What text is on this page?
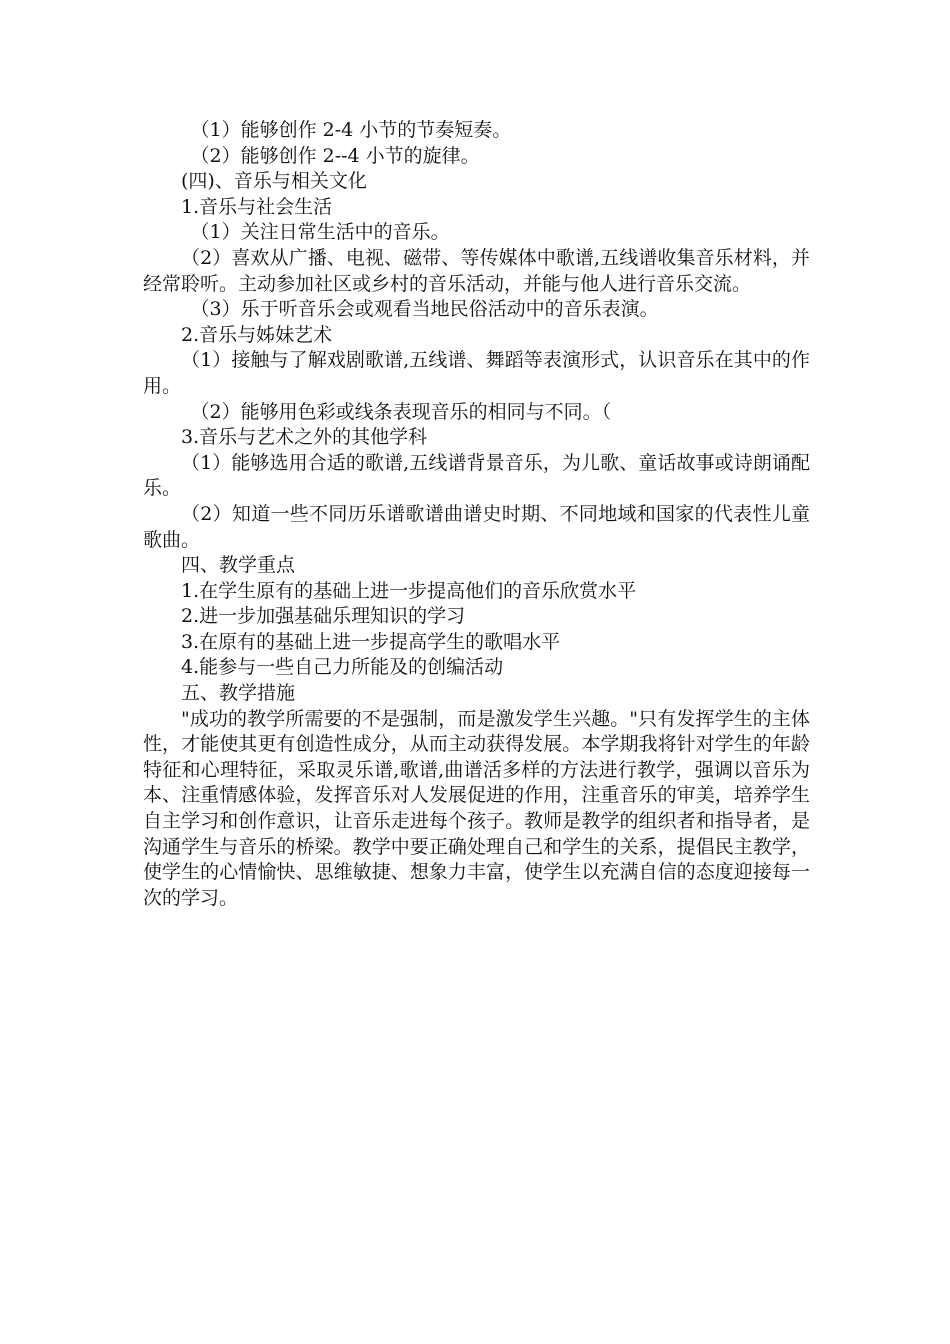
（1）能够创作 2-4 小节的节奏短奏。

（2）能够创作 2--4 小节的旋律。

(四)、音乐与相关文化

1.音乐与社会生活

（1）关注日常生活中的音乐。

（2）喜欢从广播、电视、磁带、等传媒体中歌谱,五线谱收集音乐材料，并经常聆听。主动参加社区或乡村的音乐活动，并能与他人进行音乐交流。

（3）乐于听音乐会或观看当地民俗活动中的音乐表演。

2.音乐与姊妹艺术

（1）接触与了解戏剧歌谱,五线谱、舞蹈等表演形式，认识音乐在其中的作用。

（2）能够用色彩或线条表现音乐的相同与不同。（

3.音乐与艺术之外的其他学科

（1）能够选用合适的歌谱,五线谱背景音乐，为儿歌、童话故事或诗朗诵配乐。

（2）知道一些不同历乐谱歌谱曲谱史时期、不同地域和国家的代表性儿童歌曲。

四、教学重点

1.在学生原有的基础上进一步提高他们的音乐欣赏水平

2.进一步加强基础乐理知识的学习

3.在原有的基础上进一步提高学生的歌唱水平

4.能参与一些自己力所能及的创编活动

五、教学措施

"成功的教学所需要的不是强制，而是激发学生兴趣。"只有发挥学生的主体性，才能使其更有创造性成分，从而主动获得发展。本学期我将针对学生的年龄特征和心理特征，采取灵乐谱,歌谱,曲谱活多样的方法进行教学，强调以音乐为本、注重情感体验，发挥音乐对人发展促进的作用，注重音乐的审美，培养学生自主学习和创作意识，让音乐走进每个孩子。教师是教学的组织者和指导者，是沟通学生与音乐的桥梁。教学中要正确处理自己和学生的关系，提倡民主教学，使学生的心情愉快、思维敏捷、想象力丰富，使学生以充满自信的态度迎接每一次的学习。
